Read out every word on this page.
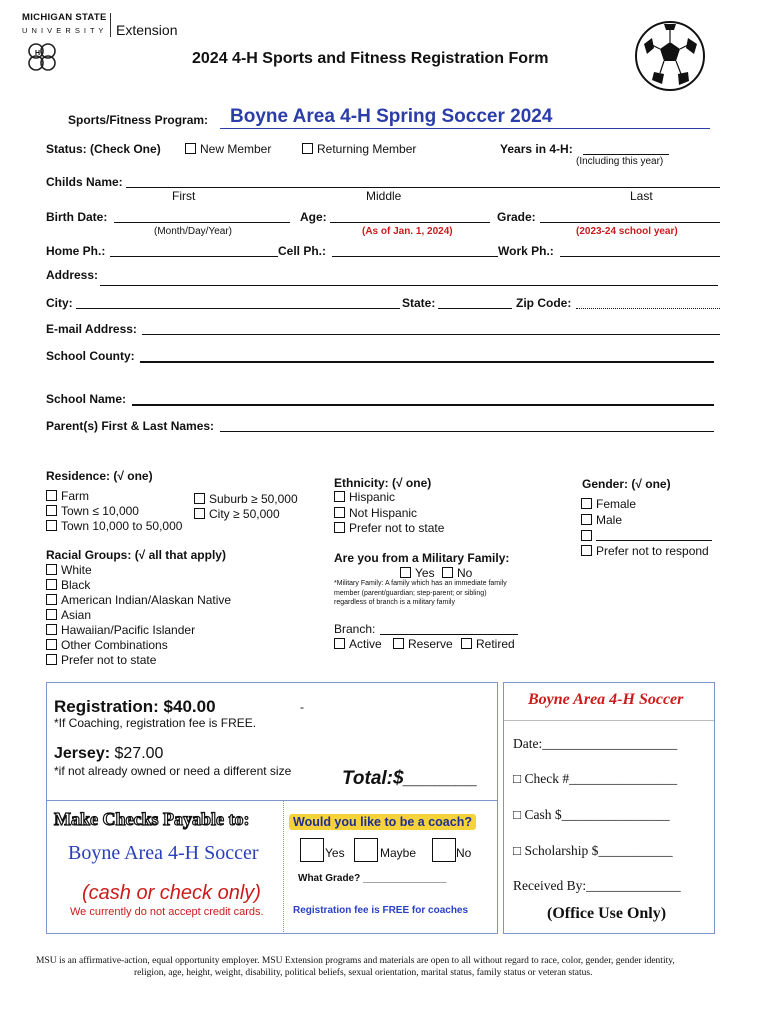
MICHIGAN STATE
U N I V E R S I T Y Extension
H	2024 4-H Sports and Fitness Registration Form
Sports/Fitness Program: Boyne Area 4-H Spring Soccer 2024
Status: (Check One)	New Member	Returning Member	Years in 4-H:
(Including this year)
Childs Name:
First	Middle	Last
Birth Date:
(Month/Day/Year)
Age:
(As of Jan. 1, 2024)
Grade:
(2023-24 school year)
Home Ph.:	Cell Ph.:	Work Ph.:
Address:
City:	State:	Zip Code:
E-mail Address:
School County:
School Name:
Parent(s) First & Last Names:
Residence: (√ one)
Farm
Town ≤ 10,000
Town 10,000 to 50,000
Suburb ≥ 50,000
City ≥ 50,000
Ethnicity: (√ one)
Hispanic
Not Hispanic
Prefer not to state
Gender: (√ one)
Female
Male
Prefer not to respond
Racial Groups: (√ all that apply)
White
Black
American Indian/Alaskan Native
Asian
Hawaiian/Pacific Islander
Other Combinations
Prefer not to state
Are you from a Military Family:
Yes	No
*Military Family: A family which has an immediate family
member (parent/guardian; step-parent; or sibling)
regardless of branch is a military family
Branch:
Active	Reserve	Retired
Registration: $40.00	-
*If Coaching, registration fee is FREE.
Jersey: $27.00
*if not already owned or need a different size	Total:$_______
Make Checks Payable to:
Boyne Area 4-H Soccer
(cash or check only)
We currently do not accept credit cards.
Would you like to be a coach?
Yes	Maybe	No
What Grade? _______________
Registration fee is FREE for coaches
Boyne Area 4-H Soccer
Date:____________________
□ Check #________________
□ Cash $________________
□ Scholarship $___________
Received By:______________
(Office Use Only)
MSU is an affirmative-action, equal opportunity employer. MSU Extension programs and materials are open to all without regard to race, color, gender, gender identity,
religion, age, height, weight, disability, political beliefs, sexual orientation, marital status, family status or veteran status.
